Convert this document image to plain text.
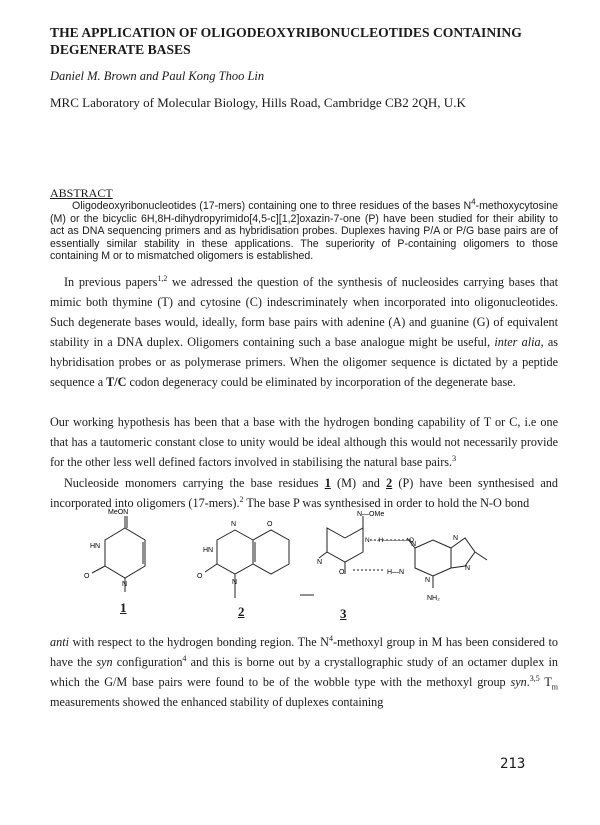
THE APPLICATION OF OLIGODEOXYRIBONUCLEOTIDES CONTAINING DEGENERATE BASES
Daniel M. Brown and Paul Kong Thoo Lin
MRC Laboratory of Molecular Biology, Hills Road, Cambridge CB2 2QH, U.K
ABSTRACT

Oligodeoxyribonucleotides (17-mers) containing one to three residues of the bases $N^4$-methoxycytosine (M) or the bicyclic 6H,8H-dihydropyrimido[4,5-c][1,2]oxazin-7-one (P) have been studied for their ability to act as DNA sequencing primers and as hybridisation probes. Duplexes having P/A or P/G base pairs are of essentially similar stability in these applications. The superiority of P-containing oligomers to those containing M or to mismatched oligomers is established.

In previous papers$^{1,2}$ we adressed the question of the synthesis of nucleosides carrying bases that mimic both thymine (T) and cytosine (C) indescriminately when incorporated into oligonucleotides. Such degenerate bases would, ideally, form base pairs with adenine (A) and guanine (G) of equivalent stability in a DNA duplex. Oligomers containing such a base analogue might be useful, inter alia, as hybridisation probes or as polymerase primers. When the oligomer sequence is dictated by a peptide sequence a T/C codon degeneracy could be eliminated by incorporation of the degenerate base.

Our working hypothesis has been that a base with the hydrogen bonding capability of T or C, i.e one that has a tautomeric constant close to unity would be ideal although this would not necessarily provide for the other less well defined factors involved in stabilising the natural base pairs.$^3$

Nucleoside monomers carrying the base residues 1 (M) and 2 (P) have been synthesised and incorporated into oligomers (17-mers).$^2$ The base P was synthesised in order to hold the N-O bond

MeON
HN
O
N
1
N	O
HN
O
N
2
N—OMe
N····H————O
N
O	H—N
NH₂
N
N
N
N
3

anti with respect to the hydrogen bonding region. The $N^4$-methoxyl group in M has been considered to have the syn configuration$^4$ and this is borne out by a crystallographic study of an octamer duplex in which the G/M base pairs were found to be of the wobble type with the methoxyl group syn.$^{3,5}$ $T_m$ measurements showed the enhanced stability of duplexes containing

213
